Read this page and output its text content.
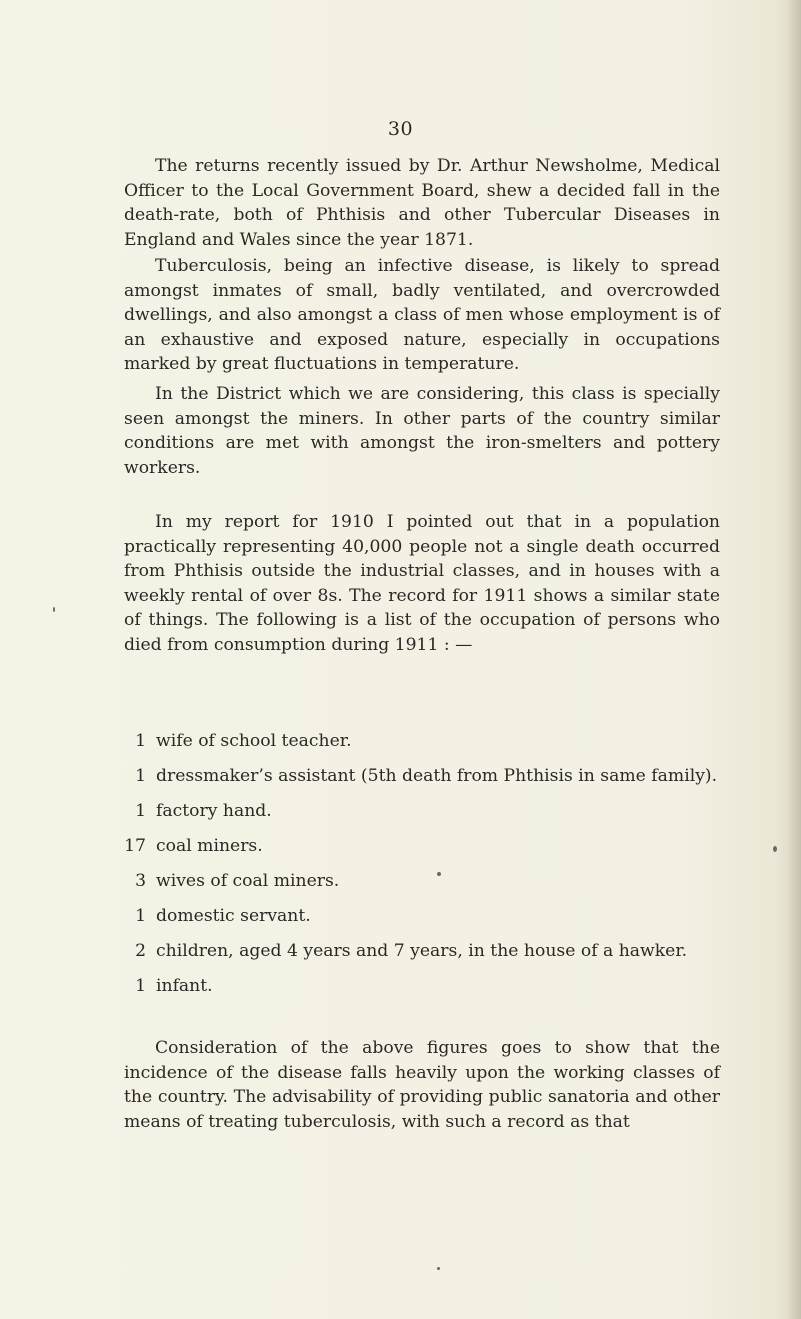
30

The returns recently issued by Dr. Arthur Newsholme, Medical Officer to the Local Government Board, shew a decided fall in the death-rate, both of Phthisis and other Tubercular Diseases in England and Wales since the year 1871.

Tuberculosis, being an infective disease, is likely to spread amongst inmates of small, badly ventilated, and overcrowded dwellings, and also amongst a class of men whose employment is of an exhaustive and exposed nature, especially in occupations marked by great fluctuations in temperature.

In the District which we are considering, this class is specially seen amongst the miners. In other parts of the country similar conditions are met with amongst the iron-smelters and pottery workers.

In my report for 1910 I pointed out that in a population practically representing 40,000 people not a single death occurred from Phthisis outside the industrial classes, and in houses with a weekly rental of over 8s. The record for 1911 shows a similar state of things. The following is a list of the occupation of persons who died from consumption during 1911 : —

1 wife of school teacher.
1 dressmaker’s assistant (5th death from Phthisis in same family).
1 factory hand.
17 coal miners.
3 wives of coal miners.
1 domestic servant.
2 children, aged 4 years and 7 years, in the house of a hawker.
1 infant.

Consideration of the above figures goes to show that the incidence of the disease falls heavily upon the working classes of the country. The advisability of providing public sanatoria and other means of treating tuberculosis, with such a record as that
